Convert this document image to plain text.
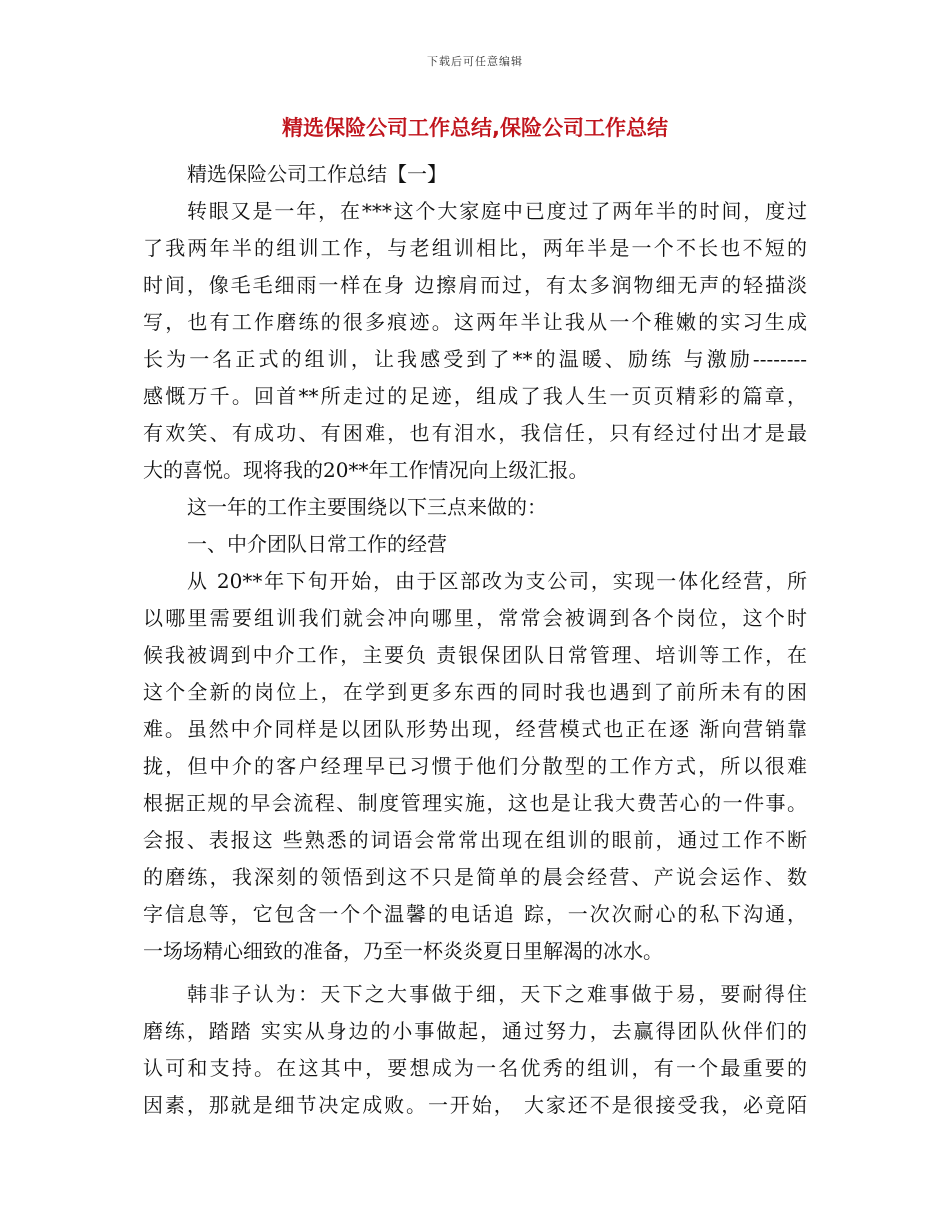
下载后可任意编辑
精选保险公司工作总结,保险公司工作总结
精选保险公司工作总结【一】
转眼又是一年，在***这个大家庭中已度过了两年半的时间，度过
了我两年半的组训工作，与老组训相比，两年半是一个不长也不短的
时间，像毛毛细雨一样在身 边擦肩而过，有太多润物细无声的轻描淡
写，也有工作磨练的很多痕迹。这两年半让我从一个稚嫩的实习生成
长为一名正式的组训，让我感受到了**的温暖、励练 与激励--------
感慨万千。回首**所走过的足迹，组成了我人生一页页精彩的篇章，
有欢笑、有成功、有困难，也有泪水，我信任，只有经过付出才是最
大的喜悦。现将我的20**年工作情况向上级汇报。
这一年的工作主要围绕以下三点来做的：
一、中介团队日常工作的经营
从 20**年下旬开始，由于区部改为支公司，实现一体化经营，所
以哪里需要组训我们就会冲向哪里，常常会被调到各个岗位，这个时
候我被调到中介工作，主要负 责银保团队日常管理、培训等工作，在
这个全新的岗位上，在学到更多东西的同时我也遇到了前所未有的困
难。虽然中介同样是以团队形势出现，经营模式也正在逐 渐向营销靠
拢，但中介的客户经理早已习惯于他们分散型的工作方式，所以很难
根据正规的早会流程、制度管理实施，这也是让我大费苦心的一件事。
会报、表报这 些熟悉的词语会常常出现在组训的眼前，通过工作不断
的磨练，我深刻的领悟到这不只是简单的晨会经营、产说会运作、数
字信息等，它包含一个个温馨的电话追 踪，一次次耐心的私下沟通，
一场场精心细致的准备，乃至一杯炎炎夏日里解渴的冰水。
韩非子认为：天下之大事做于细，天下之难事做于易，要耐得住
磨练，踏踏 实实从身边的小事做起，通过努力，去赢得团队伙伴们的
认可和支持。在这其中，要想成为一名优秀的组训，有一个最重要的
因素，那就是细节决定成败。一开始， 大家还不是很接受我，必竟陌
